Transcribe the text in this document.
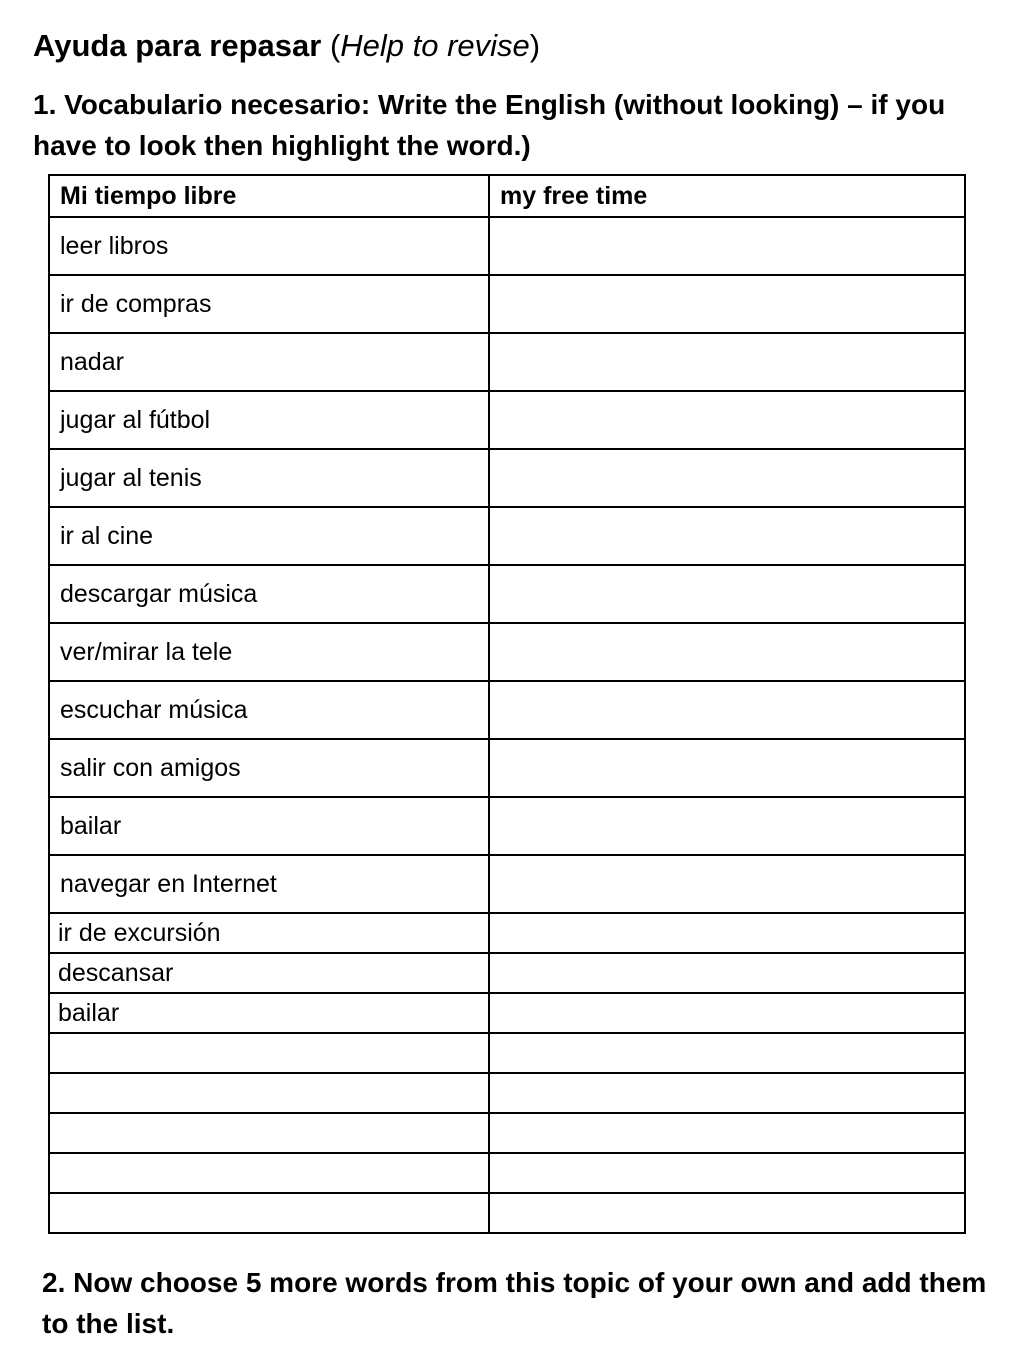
Ayuda para repasar (Help to revise)
1. Vocabulario necesario: Write the English (without looking) – if you have to look then highlight the word.)
Mi tiempo libre	my free time
leer libros	
ir de compras	
nadar	
jugar al fútbol	
jugar al tenis	
ir al cine	
descargar música	
ver/mirar la tele	
escuchar música	
salir con amigos	
bailar	
navegar en Internet	
ir de excursión	
descansar	
bailar	

2. Now choose 5 more words from this topic of your own and add them to the list.
